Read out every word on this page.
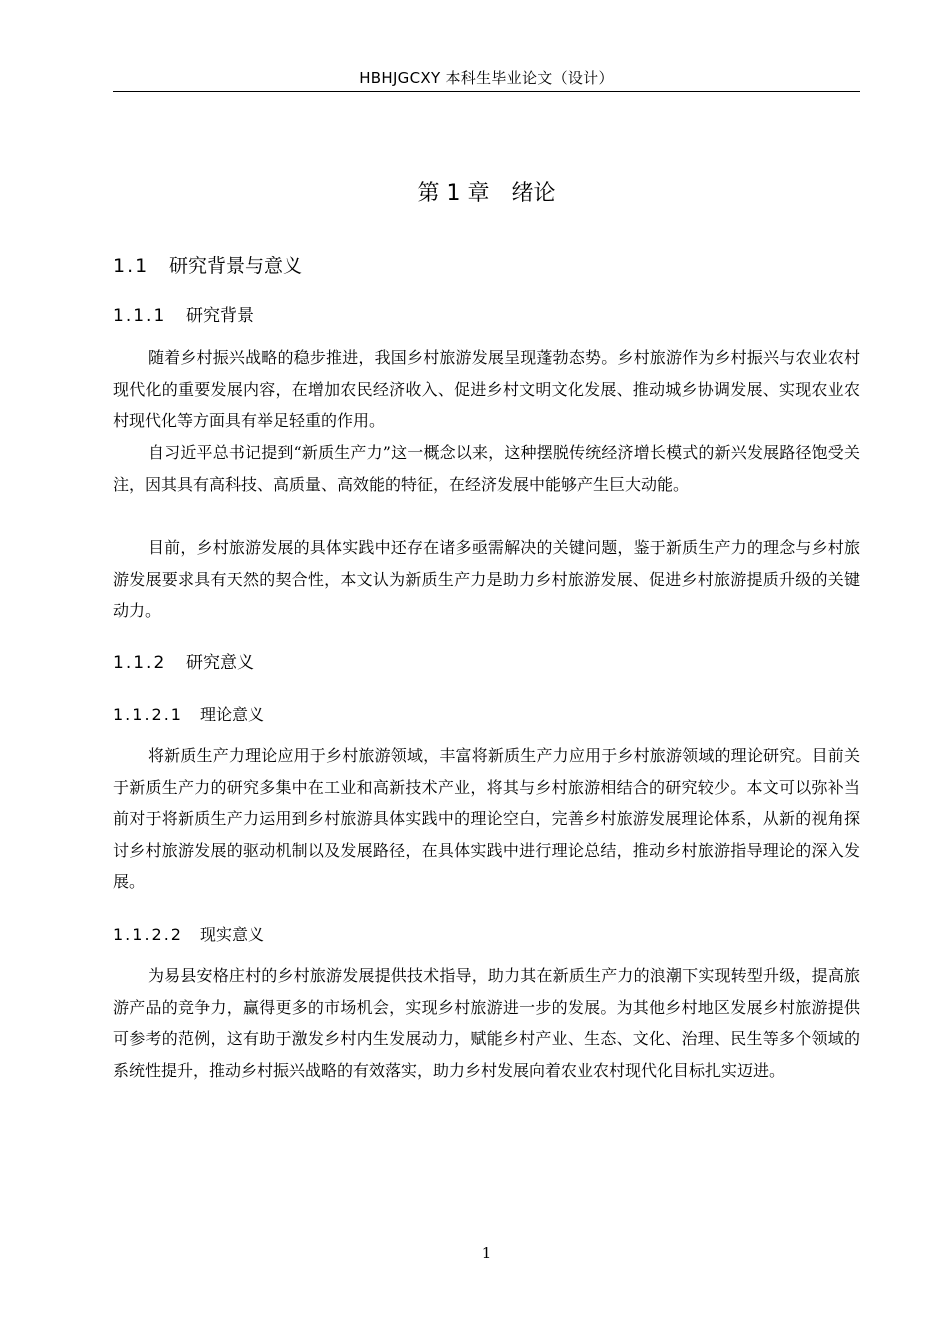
HBHJGCXY 本科生毕业论文（设计）
第 1 章　绪论
1.1 研究背景与意义
1.1.1 研究背景

随着乡村振兴战略的稳步推进，我国乡村旅游发展呈现蓬勃态势。乡村旅游作为乡村振兴与农业农村现代化的重要发展内容，在增加农民经济收入、促进乡村文明文化发展、推动城乡协调发展、实现农业农村现代化等方面具有举足轻重的作用。

自习近平总书记提到“新质生产力”这一概念以来，这种摆脱传统经济增长模式的新兴发展路径饱受关注，因其具有高科技、高质量、高效能的特征，在经济发展中能够产生巨大动能。

目前，乡村旅游发展的具体实践中还存在诸多亟需解决的关键问题，鉴于新质生产力的理念与乡村旅游发展要求具有天然的契合性，本文认为新质生产力是助力乡村旅游发展、促进乡村旅游提质升级的关键动力。

1.1.2 研究意义
1.1.2.1 理论意义

将新质生产力理论应用于乡村旅游领域，丰富将新质生产力应用于乡村旅游领域的理论研究。目前关于新质生产力的研究多集中在工业和高新技术产业，将其与乡村旅游相结合的研究较少。本文可以弥补当前对于将新质生产力运用到乡村旅游具体实践中的理论空白，完善乡村旅游发展理论体系，从新的视角探讨乡村旅游发展的驱动机制以及发展路径，在具体实践中进行理论总结，推动乡村旅游指导理论的深入发展。

1.1.2.2 现实意义

为易县安格庄村的乡村旅游发展提供技术指导，助力其在新质生产力的浪潮下实现转型升级，提高旅游产品的竞争力，赢得更多的市场机会，实现乡村旅游进一步的发展。为其他乡村地区发展乡村旅游提供可参考的范例，这有助于激发乡村内生发展动力，赋能乡村产业、生态、文化、治理、民生等多个领域的系统性提升，推动乡村振兴战略的有效落实，助力乡村发展向着农业农村现代化目标扎实迈进。

1
